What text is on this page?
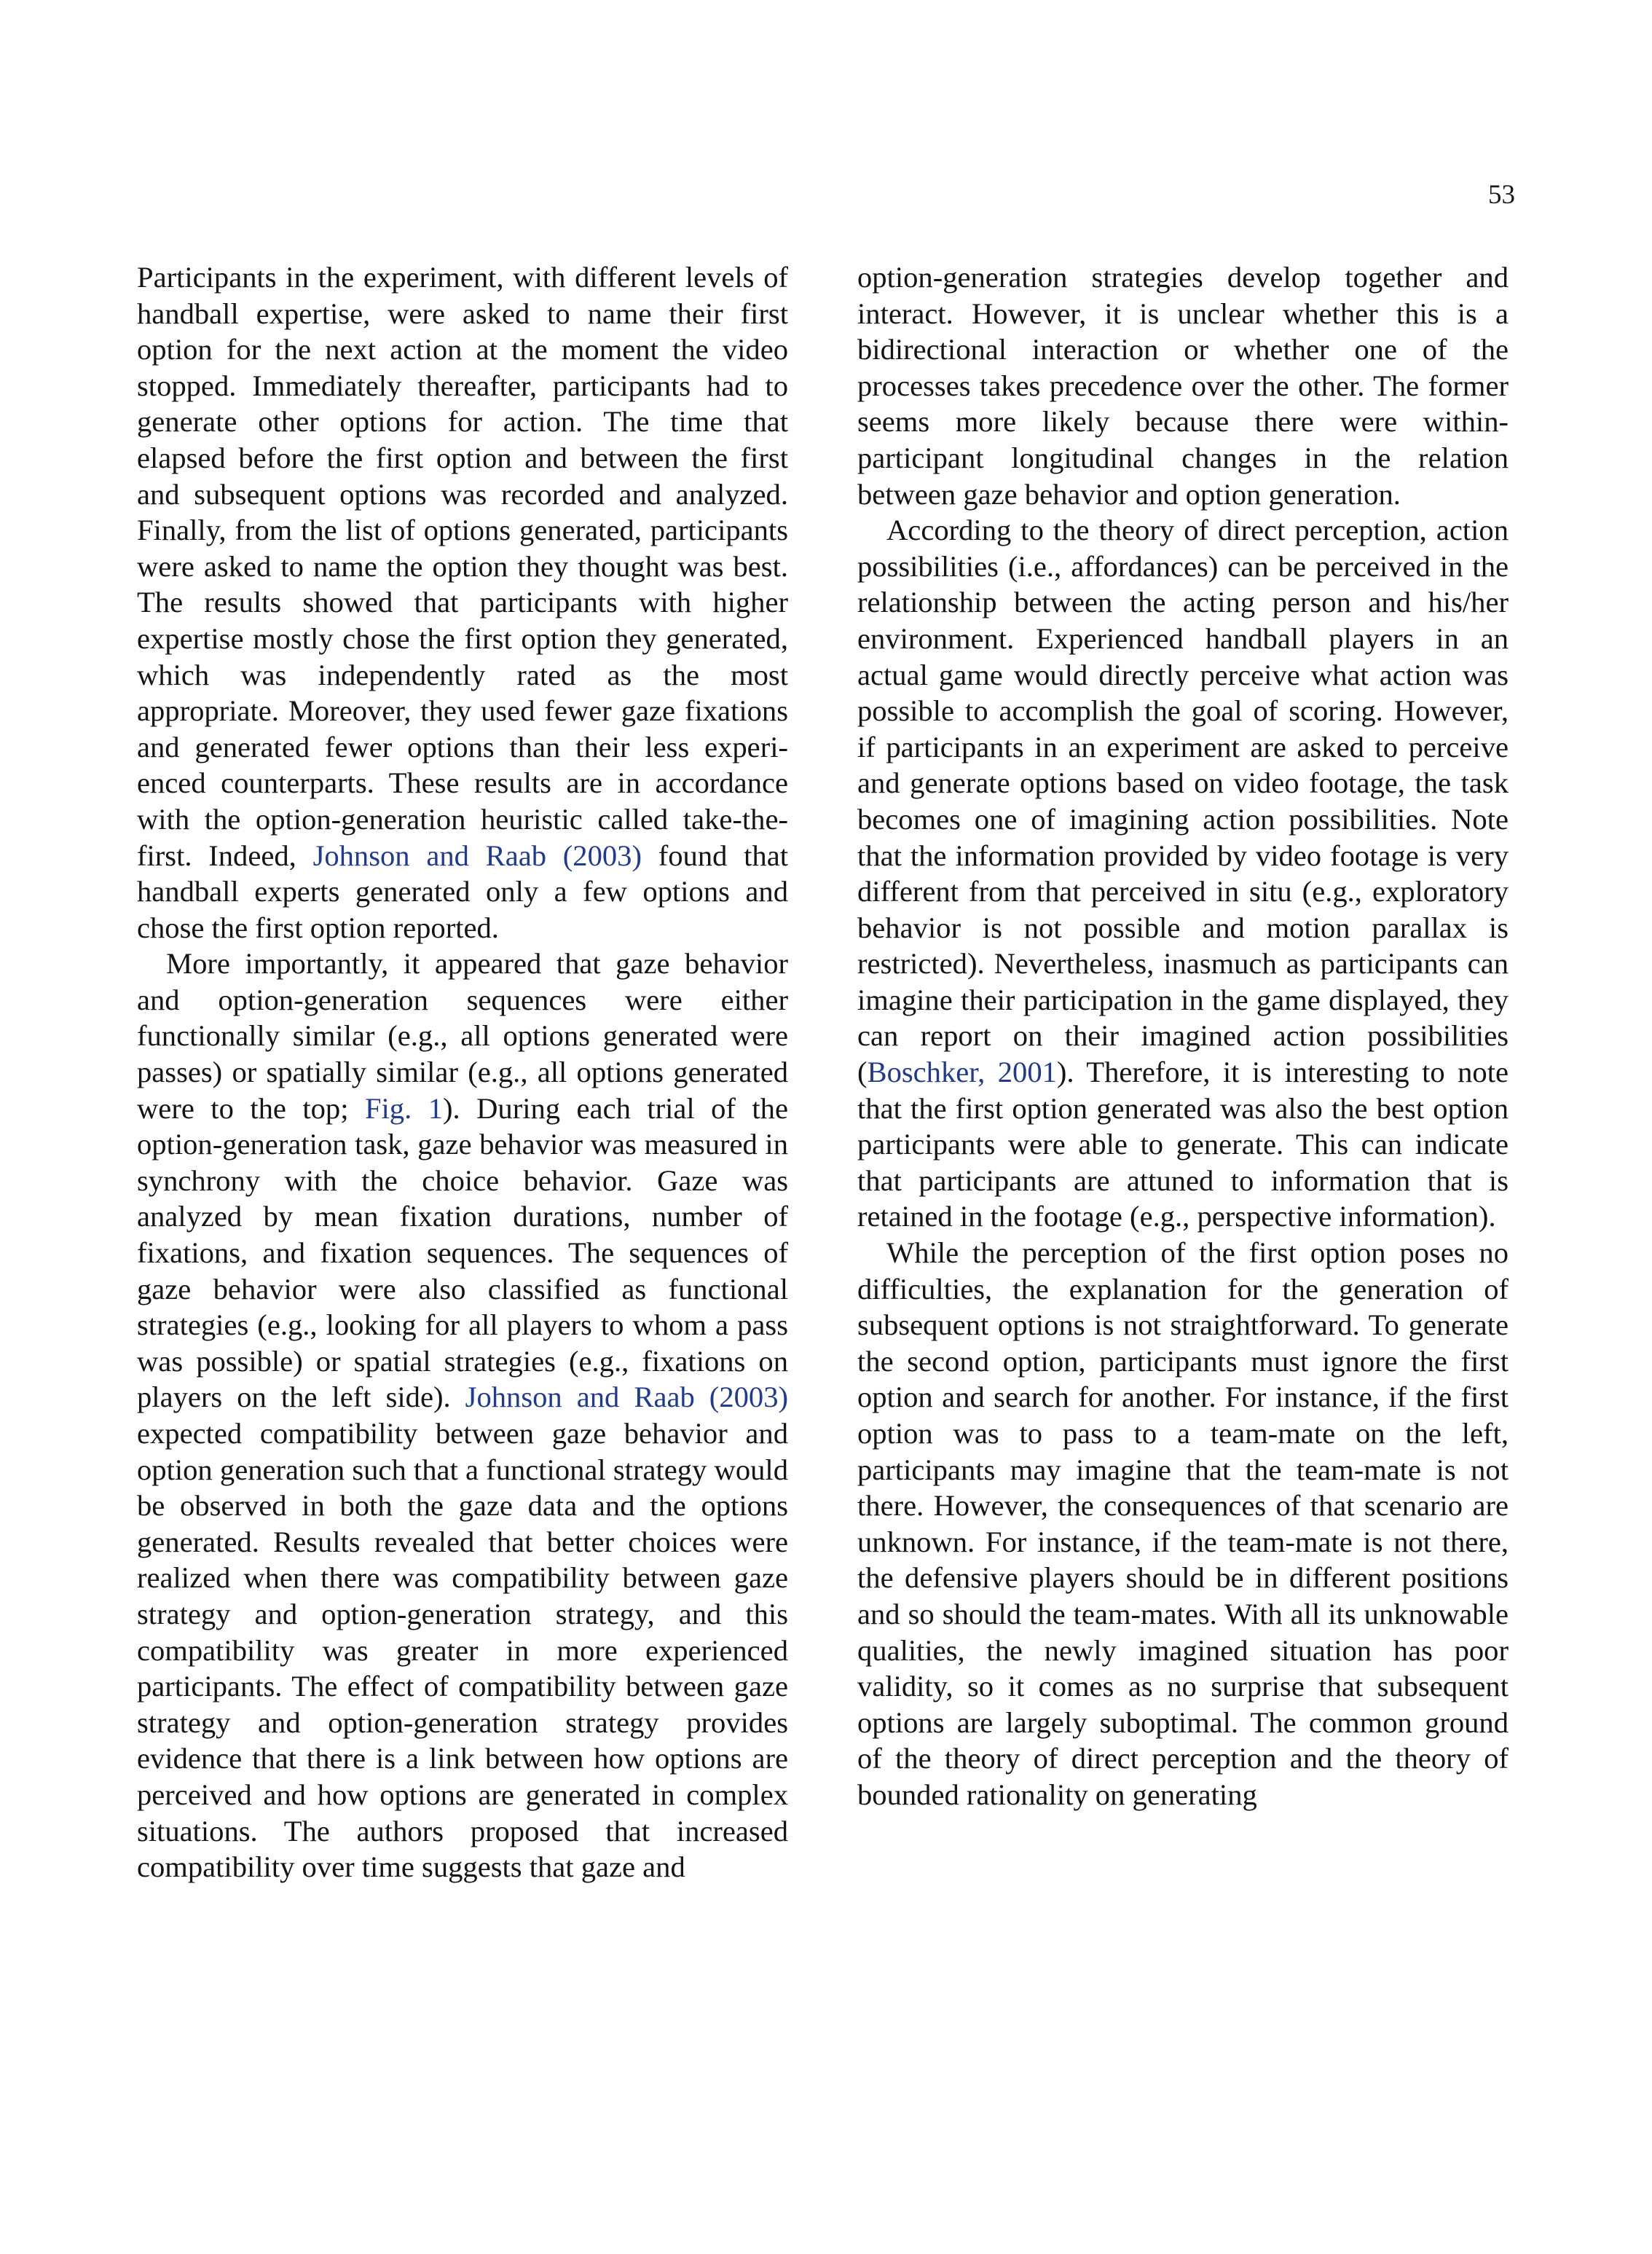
53

Participants in the experiment, with different levels of handball expertise, were asked to name their first option for the next action at the moment the video stopped. Immediately thereafter, participants had to generate other options for action. The time that elapsed before the first option and between the first and subsequent options was recorded and analyzed. Finally, from the list of options generated, participants were asked to name the option they thought was best. The results showed that participants with higher expertise mostly chose the first option they generated, which was independently rated as the most appropriate. Moreover, they used fewer gaze fixations and generated fewer options than their less experienced counterparts. These results are in accordance with the option-generation heuristic called take-the-first. Indeed, Johnson and Raab (2003) found that handball experts generated only a few options and chose the first option reported.

More importantly, it appeared that gaze behavior and option-generation sequences were either functionally similar (e.g., all options generated were passes) or spatially similar (e.g., all options generated were to the top; Fig. 1). During each trial of the option-generation task, gaze behavior was measured in synchrony with the choice behavior. Gaze was analyzed by mean fixation durations, number of fixations, and fixation sequences. The sequences of gaze behavior were also classified as functional strategies (e.g., looking for all players to whom a pass was possible) or spatial strategies (e.g., fixations on players on the left side). Johnson and Raab (2003) expected compatibility between gaze behavior and option generation such that a functional strategy would be observed in both the gaze data and the options generated. Results revealed that better choices were realized when there was compatibility between gaze strategy and option-generation strategy, and this compatibility was greater in more experienced participants. The effect of compatibility between gaze strategy and option-generation strategy provides evidence that there is a link between how options are perceived and how options are generated in complex situations. The authors proposed that increased compatibility over time suggests that gaze and

option-generation strategies develop together and interact. However, it is unclear whether this is a bidirectional interaction or whether one of the processes takes precedence over the other. The former seems more likely because there were within-participant longitudinal changes in the relation between gaze behavior and option generation.

According to the theory of direct perception, action possibilities (i.e., affordances) can be perceived in the relationship between the acting person and his/her environment. Experienced handball players in an actual game would directly perceive what action was possible to accomplish the goal of scoring. However, if participants in an experiment are asked to perceive and generate options based on video footage, the task becomes one of imagining action possibilities. Note that the information provided by video footage is very different from that perceived in situ (e.g., exploratory behavior is not possible and motion parallax is restricted). Nevertheless, inasmuch as participants can imagine their participation in the game displayed, they can report on their imagined action possibilities (Boschker, 2001). Therefore, it is interesting to note that the first option generated was also the best option participants were able to generate. This can indicate that participants are attuned to information that is retained in the footage (e.g., perspective information).

While the perception of the first option poses no difficulties, the explanation for the generation of subsequent options is not straightforward. To generate the second option, participants must ignore the first option and search for another. For instance, if the first option was to pass to a team-mate on the left, participants may imagine that the team-mate is not there. However, the consequences of that scenario are unknown. For instance, if the team-mate is not there, the defensive players should be in different positions and so should the team-mates. With all its unknowable qualities, the newly imagined situation has poor validity, so it comes as no surprise that subsequent options are largely suboptimal. The common ground of the theory of direct perception and the theory of bounded rationality on generating
